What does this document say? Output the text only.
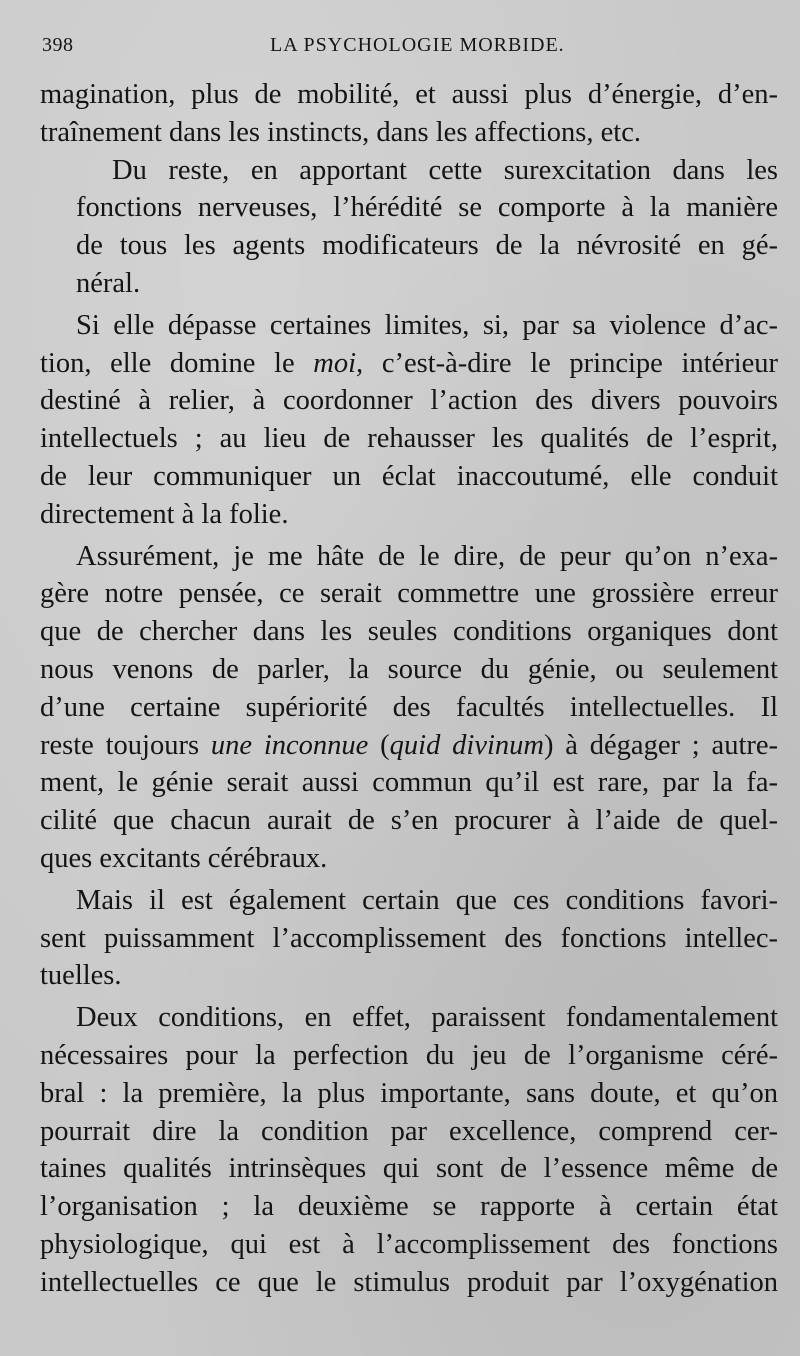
398	LA PSYCHOLOGIE MORBIDE.

magination, plus de mobilité, et aussi plus d’énergie, d’en-
traînement dans les instincts, dans les affections, etc.

Du reste, en apportant cette surexcitation dans les
fonctions nerveuses, l’hérédité se comporte à la manière
de tous les agents modificateurs de la névrosité en gé-
néral.

Si elle dépasse certaines limites, si, par sa violence d’ac-
tion, elle domine le moi, c’est-à-dire le principe intérieur
destiné à relier, à coordonner l’action des divers pouvoirs
intellectuels ; au lieu de rehausser les qualités de l’esprit,
de leur communiquer un éclat inaccoutumé, elle conduit
directement à la folie.

Assurément, je me hâte de le dire, de peur qu’on n’exa-
gère notre pensée, ce serait commettre une grossière erreur
que de chercher dans les seules conditions organiques dont
nous venons de parler, la source du génie, ou seulement
d’une certaine supériorité des facultés intellectuelles. Il
reste toujours une inconnue (quid divinum) à dégager ; autre-
ment, le génie serait aussi commun qu’il est rare, par la fa-
cilité que chacun aurait de s’en procurer à l’aide de quel-
ques excitants cérébraux.

Mais il est également certain que ces conditions favori-
sent puissamment l’accomplissement des fonctions intellec-
tuelles.

Deux conditions, en effet, paraissent fondamentalement
nécessaires pour la perfection du jeu de l’organisme céré-
bral : la première, la plus importante, sans doute, et qu’on
pourrait dire la condition par excellence, comprend cer-
taines qualités intrinsèques qui sont de l’essence même de
l’organisation ; la deuxième se rapporte à certain état
physiologique, qui est à l’accomplissement des fonctions
intellectuelles ce que le stimulus produit par l’oxygénation
